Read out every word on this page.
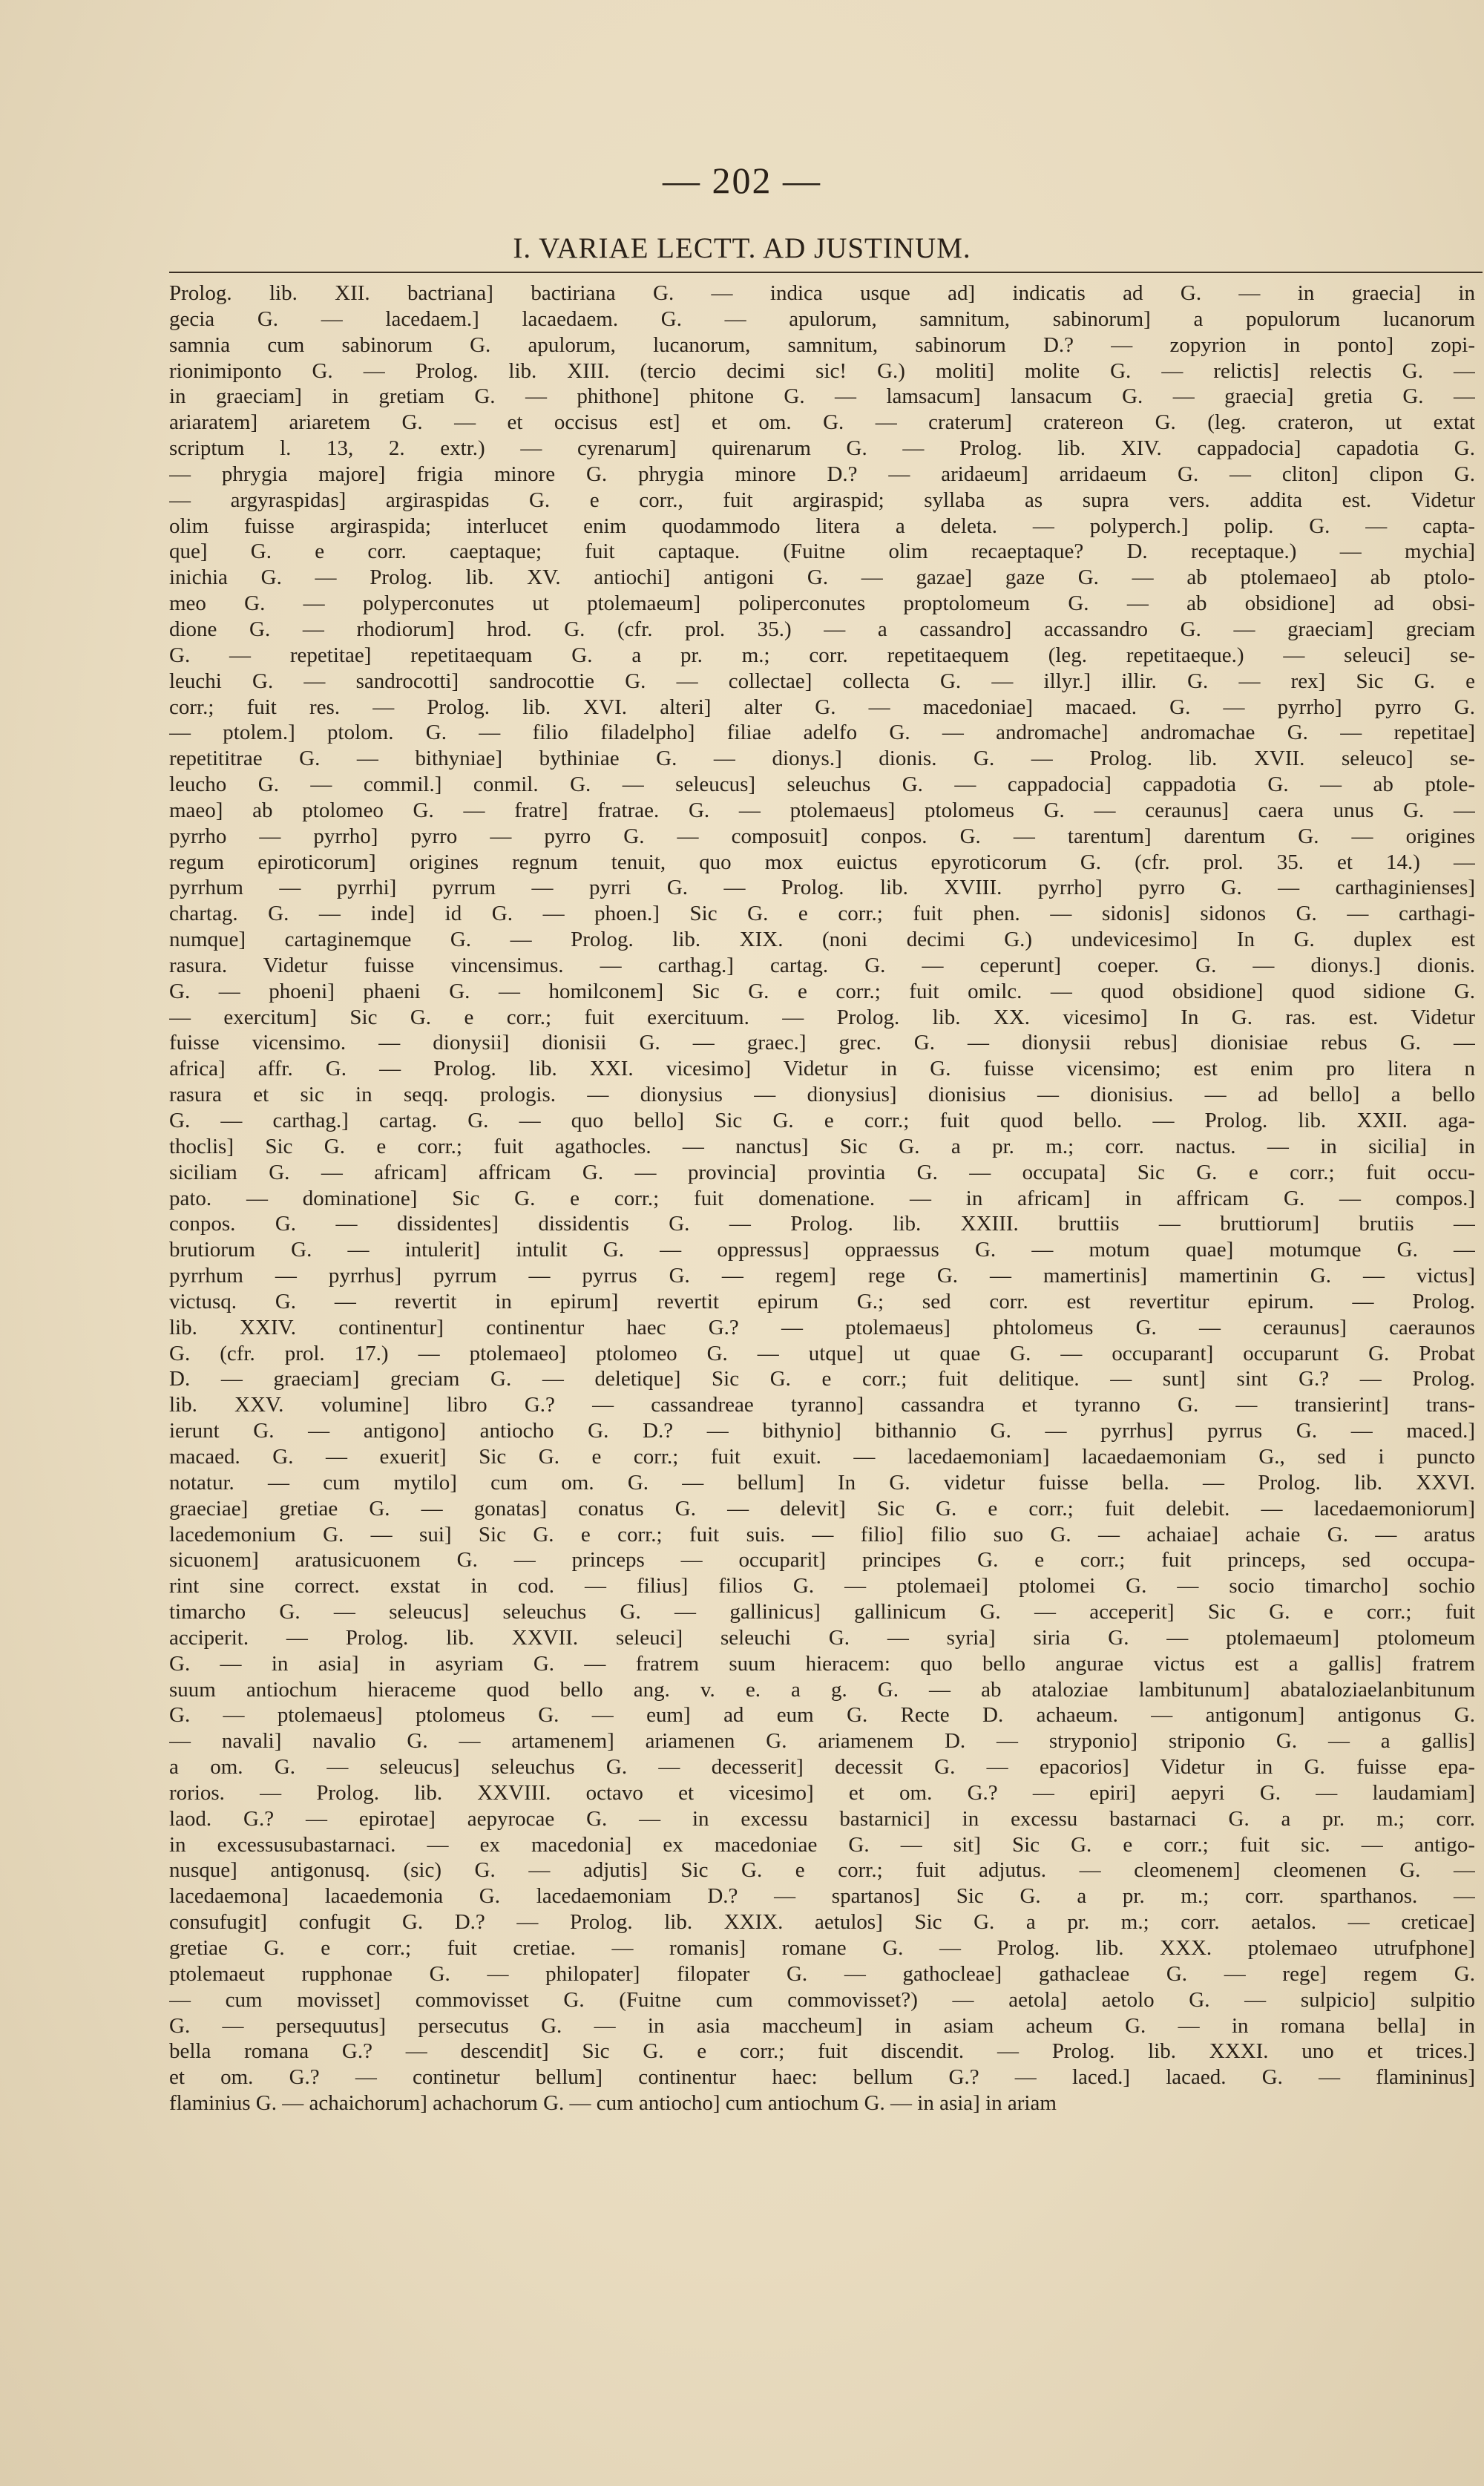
— 202 —
I. VARIAE LECTT. AD JUSTINUM.
Prolog. lib. XII. bactriana] bactiriana G. — indica usque ad] indicatis ad G. — in graecia] in
gecia G. — lacedaem.] lacaedaem. G. — apulorum, samnitum, sabinorum] a populorum lucanorum
samnia cum sabinorum G. apulorum, lucanorum, samnitum, sabinorum D.? — zopyrion in ponto] zopi-
rionimiponto G. — Prolog. lib. XIII. (tercio decimi sic! G.) moliti] molite G. — relictis] relectis G. —
in graeciam] in gretiam G. — phithone] phitone G. — lamsacum] lansacum G. — graecia] gretia G. —
ariaratem] ariaretem G. — et occisus est] et om. G. — craterum] cratereon G. (leg. crateron, ut extat
scriptum l. 13, 2. extr.) — cyrenarum] quirenarum G. — Prolog. lib. XIV. cappadocia] capadotia G.
— phrygia majore] frigia minore G. phrygia minore D.? — aridaeum] arridaeum G. — cliton] clipon G.
— argyraspidas] argiraspidas G. e corr., fuit argiraspid; syllaba as supra vers. addita est. Videtur
olim fuisse argiraspida; interlucet enim quodammodo litera a deleta. — polyperch.] polip. G. — capta-
que] G. e corr. caeptaque; fuit captaque. (Fuitne olim recaeptaque? D. receptaque.) — mychia]
inichia G. — Prolog. lib. XV. antiochi] antigoni G. — gazae] gaze G. — ab ptolemaeo] ab ptolo-
meo G. — polyperconutes ut ptolemaeum] poliperconutes proptolomeum G. — ab obsidione] ad obsi-
dione G. — rhodiorum] hrod. G. (cfr. prol. 35.) — a cassandro] accassandro G. — graeciam] greciam
G. — repetitae] repetitaequam G. a pr. m.; corr. repetitaequem (leg. repetitaeque.) — seleuci] se-
leuchi G. — sandrocotti] sandrocottie G. — collectae] collecta G. — illyr.] illir. G. — rex] Sic G. e
corr.; fuit res. — Prolog. lib. XVI. alteri] alter G. — macedoniae] macaed. G. — pyrrho] pyrro G.
— ptolem.] ptolom. G. — filio filadelpho] filiae adelfo G. — andromache] andromachae G. — repetitae]
repetititrae G. — bithyniae] bythiniae G. — dionys.] dionis. G. — Prolog. lib. XVII. seleuco] se-
leucho G. — commil.] conmil. G. — seleucus] seleuchus G. — cappadocia] cappadotia G. — ab ptole-
maeo] ab ptolomeo G. — fratre] fratrae. G. — ptolemaeus] ptolomeus G. — ceraunus] caera unus G. —
pyrrho — pyrrho] pyrro — pyrro G. — composuit] conpos. G. — tarentum] darentum G. — origines
regum epiroticorum] origines regnum tenuit, quo mox euictus epyroticorum G. (cfr. prol. 35. et 14.) —
pyrrhum — pyrrhi] pyrrum — pyrri G. — Prolog. lib. XVIII. pyrrho] pyrro G. — carthaginienses]
chartag. G. — inde] id G. — phoen.] Sic G. e corr.; fuit phen. — sidonis] sidonos G. — carthagi-
numque] cartaginemque G. — Prolog. lib. XIX. (noni decimi G.) undevicesimo] In G. duplex est
rasura. Videtur fuisse vincensimus. — carthag.] cartag. G. — ceperunt] coeper. G. — dionys.] dionis.
G. — phoeni] phaeni G. — homilconem] Sic G. e corr.; fuit omilc. — quod obsidione] quod sidione G.
— exercitum] Sic G. e corr.; fuit exercituum. — Prolog. lib. XX. vicesimo] In G. ras. est. Videtur
fuisse vicensimo. — dionysii] dionisii G. — graec.] grec. G. — dionysii rebus] dionisiae rebus G. —
africa] affr. G. — Prolog. lib. XXI. vicesimo] Videtur in G. fuisse vicensimo; est enim pro litera n
rasura et sic in seqq. prologis. — dionysius — dionysius] dionisius — dionisius. — ad bello] a bello
G. — carthag.] cartag. G. — quo bello] Sic G. e corr.; fuit quod bello. — Prolog. lib. XXII. aga-
thoclis] Sic G. e corr.; fuit agathocles. — nanctus] Sic G. a pr. m.; corr. nactus. — in sicilia] in
siciliam G. — africam] affricam G. — provincia] provintia G. — occupata] Sic G. e corr.; fuit occu-
pato. — dominatione] Sic G. e corr.; fuit domenatione. — in africam] in affricam G. — compos.]
conpos. G. — dissidentes] dissidentis G. — Prolog. lib. XXIII. bruttiis — bruttiorum] brutiis —
brutiorum G. — intulerit] intulit G. — oppressus] oppraessus G. — motum quae] motumque G. —
pyrrhum — pyrrhus] pyrrum — pyrrus G. — regem] rege G. — mamertinis] mamertinin G. — victus]
victusq. G. — revertit in epirum] revertit epirum G.; sed corr. est revertitur epirum. — Prolog.
lib. XXIV. continentur] continentur haec G.? — ptolemaeus] phtolomeus G. — ceraunus] caeraunos
G. (cfr. prol. 17.) — ptolemaeo] ptolomeo G. — utque] ut quae G. — occuparant] occuparunt G. Probat
D. — graeciam] greciam G. — deletique] Sic G. e corr.; fuit delitique. — sunt] sint G.? — Prolog.
lib. XXV. volumine] libro G.? — cassandreae tyranno] cassandra et tyranno G. — transierint] trans-
ierunt G. — antigono] antiocho G. D.? — bithynio] bithannio G. — pyrrhus] pyrrus G. — maced.]
macaed. G. — exuerit] Sic G. e corr.; fuit exuit. — lacedaemoniam] lacaedaemoniam G., sed i puncto
notatur. — cum mytilo] cum om. G. — bellum] In G. videtur fuisse bella. — Prolog. lib. XXVI.
graeciae] gretiae G. — gonatas] conatus G. — delevit] Sic G. e corr.; fuit delebit. — lacedaemoniorum]
lacedemonium G. — sui] Sic G. e corr.; fuit suis. — filio] filio suo G. — achaiae] achaie G. — aratus
sicuonem] aratusicuonem G. — princeps — occuparit] principes G. e corr.; fuit princeps, sed occupa-
rint sine correct. exstat in cod. — filius] filios G. — ptolemaei] ptolomei G. — socio timarcho] sochio
timarcho G. — seleucus] seleuchus G. — gallinicus] gallinicum G. — acceperit] Sic G. e corr.; fuit
acciperit. — Prolog. lib. XXVII. seleuci] seleuchi G. — syria] siria G. — ptolemaeum] ptolomeum
G. — in asia] in asyriam G. — fratrem suum hieracem: quo bello angurae victus est a gallis] fratrem
suum antiochum hieraceme quod bello ang. v. e. a g. G. — ab ataloziae lambitunum] abataloziaelanbitunum
G. — ptolemaeus] ptolomeus G. — eum] ad eum G. Recte D. achaeum. — antigonum] antigonus G.
— navali] navalio G. — artamenem] ariamenen G. ariamenem D. — stryponio] striponio G. — a gallis]
a om. G. — seleucus] seleuchus G. — decesserit] decessit G. — epacorios] Videtur in G. fuisse epa-
rorios. — Prolog. lib. XXVIII. octavo et vicesimo] et om. G.? — epiri] aepyri G. — laudamiam]
laod. G.? — epirotae] aepyrocae G. — in excessu bastarnici] in excessu bastarnaci G. a pr. m.; corr.
in excessusubastarnaci. — ex macedonia] ex macedoniae G. — sit] Sic G. e corr.; fuit sic. — antigo-
nusque] antigonusq. (sic) G. — adjutis] Sic G. e corr.; fuit adjutus. — cleomenem] cleomenen G. —
lacedaemona] lacaedemonia G. lacedaemoniam D.? — spartanos] Sic G. a pr. m.; corr. sparthanos. —
consufugit] confugit G. D.? — Prolog. lib. XXIX. aetulos] Sic G. a pr. m.; corr. aetalos. — creticae]
gretiae G. e corr.; fuit cretiae. — romanis] romane G. — Prolog. lib. XXX. ptolemaeo utrufphone]
ptolemaeut rupphonae G. — philopater] filopater G. — gathocleae] gathacleae G. — rege] regem G.
— cum movisset] commovisset G. (Fuitne cum commovisset?) — aetola] aetolo G. — sulpicio] sulpitio
G. — persequutus] persecutus G. — in asia maccheum] in asiam acheum G. — in romana bella] in
bella romana G.? — descendit] Sic G. e corr.; fuit discendit. — Prolog. lib. XXXI. uno et trices.]
et om. G.? — continetur bellum] continentur haec: bellum G.? — laced.] lacaed. G. — flamininus]
flaminius G. — achaichorum] achachorum G. — cum antiocho] cum antiochum G. — in asia] in ariam
